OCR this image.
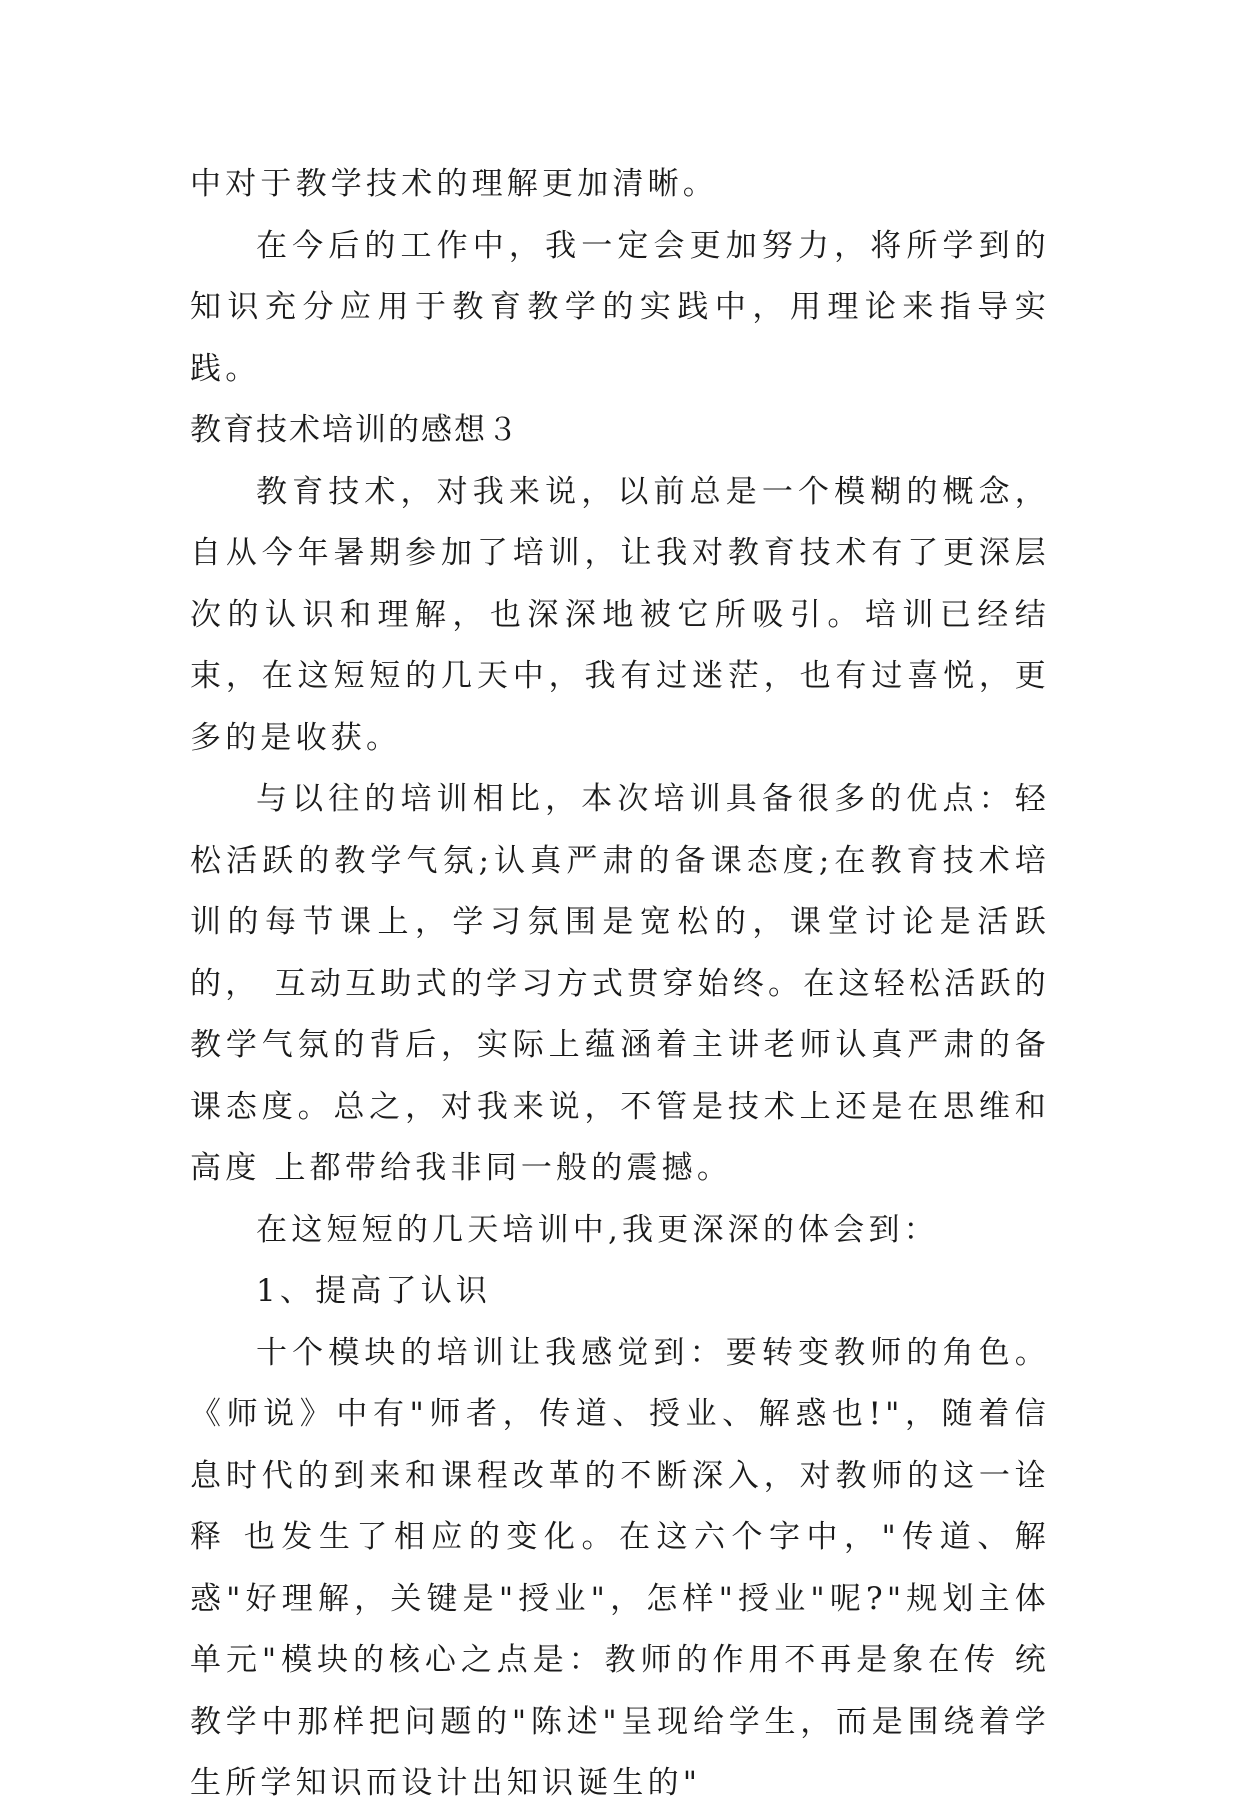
中对于教学技术的理解更加清晰。

在今后的工作中，我一定会更加努力，将所学到的知识充分应用于教育教学的实践中，用理论来指导实践。

教育技术培训的感想３

教育技术，对我来说，以前总是一个模糊的概念，自从今年暑期参加了培训，让我对教育技术有了更深层次的认识和理解，也深深地被它所吸引。培训已经结束，在这短短的几天中，我有过迷茫，也有过喜悦，更多的是收获。

与以往的培训相比，本次培训具备很多的优点：轻松活跃的教学气氛;认真严肃的备课态度;在教育技术培训的每节课上，学习氛围是宽松的，课堂讨论是活跃的， 互动互助式的学习方式贯穿始终。在这轻松活跃的教学气氛的背后，实际上蕴涵着主讲老师认真严肃的备课态度。总之，对我来说，不管是技术上还是在思维和高度 上都带给我非同一般的震撼。

在这短短的几天培训中,我更深深的体会到：

1、提高了认识

十个模块的培训让我感觉到：要转变教师的角色。《师说》中有"师者，传道、授业、解惑也!"，随着信息时代的到来和课程改革的不断深入，对教师的这一诠释 也发生了相应的变化。在这六个字中，"传道、解惑"好理解，关键是"授业"，怎样"授业"呢?"规划主体单元"模块的核心之点是：教师的作用不再是象在传 统教学中那样把问题的"陈述"呈现给学生，而是围绕着学生所学知识而设计出知识诞生的"
